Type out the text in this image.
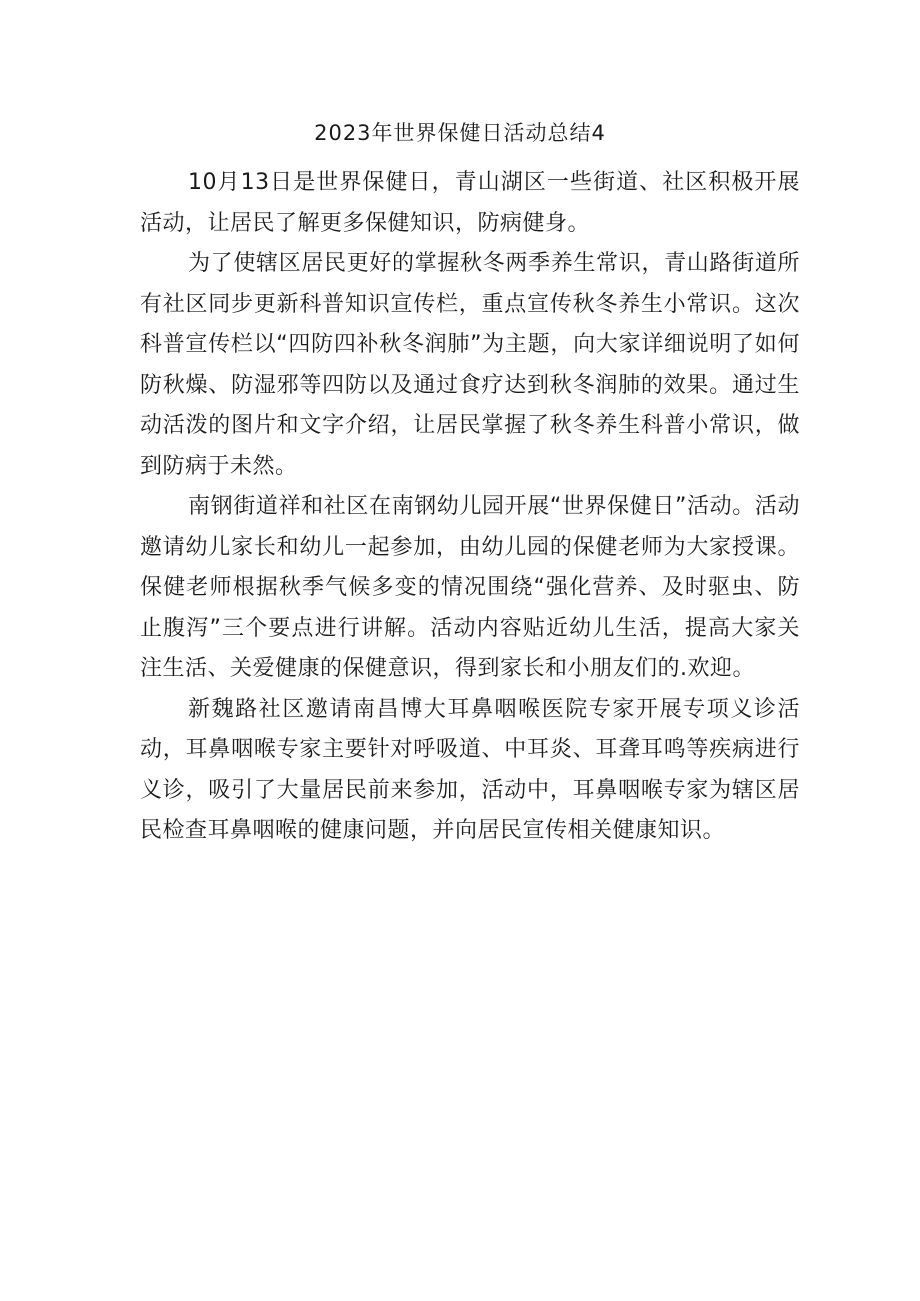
2023年世界保健日活动总结4

10月13日是世界保健日，青山湖区一些街道、社区积极开展活动，让居民了解更多保健知识，防病健身。

为了使辖区居民更好的掌握秋冬两季养生常识，青山路街道所有社区同步更新科普知识宣传栏，重点宣传秋冬养生小常识。这次科普宣传栏以“四防四补秋冬润肺”为主题，向大家详细说明了如何防秋燥、防湿邪等四防以及通过食疗达到秋冬润肺的效果。通过生动活泼的图片和文字介绍，让居民掌握了秋冬养生科普小常识，做到防病于未然。

南钢街道祥和社区在南钢幼儿园开展“世界保健日”活动。活动邀请幼儿家长和幼儿一起参加，由幼儿园的保健老师为大家授课。保健老师根据秋季气候多变的情况围绕“强化营养、及时驱虫、防止腹泻”三个要点进行讲解。活动内容贴近幼儿生活，提高大家关注生活、关爱健康的保健意识，得到家长和小朋友们的.欢迎。

新魏路社区邀请南昌博大耳鼻咽喉医院专家开展专项义诊活动，耳鼻咽喉专家主要针对呼吸道、中耳炎、耳聋耳鸣等疾病进行义诊，吸引了大量居民前来参加，活动中，耳鼻咽喉专家为辖区居民检查耳鼻咽喉的健康问题，并向居民宣传相关健康知识。
